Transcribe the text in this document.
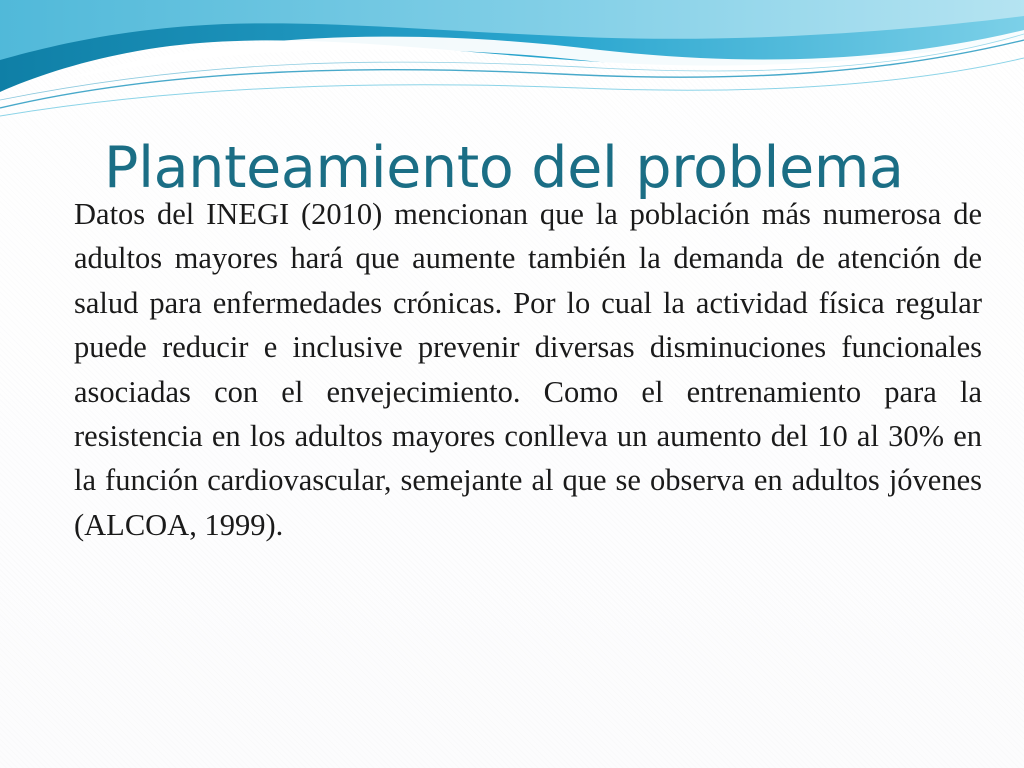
Planteamiento del problema

Datos del INEGI (2010) mencionan que la población más numerosa de adultos mayores hará que aumente también la demanda de atención de salud para enfermedades crónicas. Por lo cual la actividad física regular puede reducir e inclusive prevenir diversas disminuciones funcionales asociadas con el envejecimiento. Como el entrenamiento para la resistencia en los adultos mayores conlleva un aumento del 10 al 30% en la función cardiovascular, semejante al que se observa en adultos jóvenes (ALCOA, 1999).
